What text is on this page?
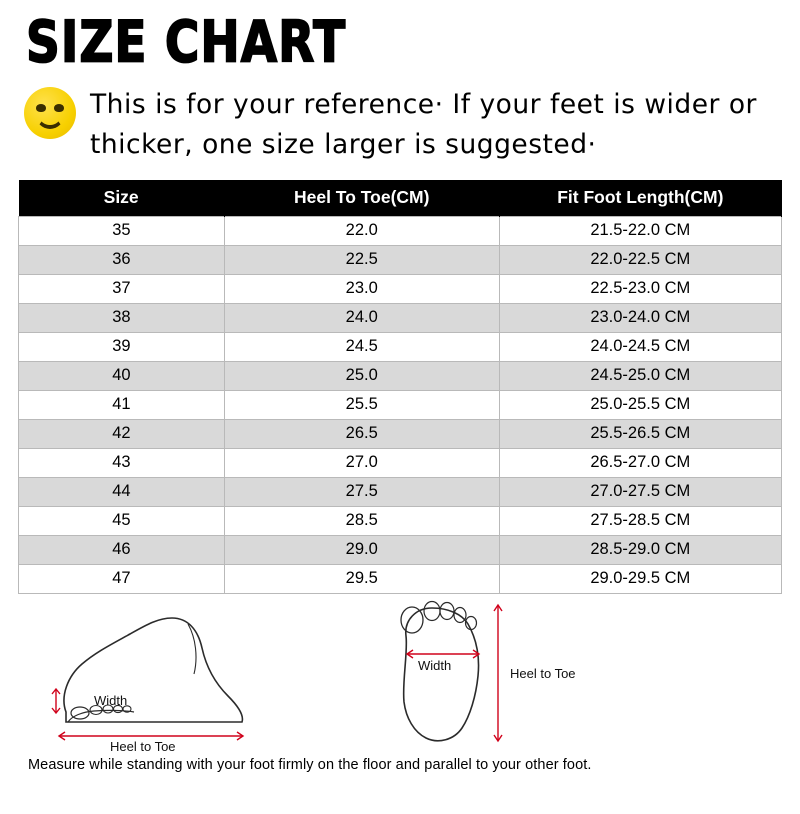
SIZE CHART
This is for your reference· If your feet is wider or thicker, one size larger is suggested·
Size	Heel To Toe(CM)	Fit Foot Length(CM)
35	22.0	21.5-22.0 CM
36	22.5	22.0-22.5 CM
37	23.0	22.5-23.0 CM
38	24.0	23.0-24.0 CM
39	24.5	24.0-24.5 CM
40	25.0	24.5-25.0 CM
41	25.5	25.0-25.5 CM
42	26.5	25.5-26.5 CM
43	27.0	26.5-27.0 CM
44	27.5	27.0-27.5 CM
45	28.5	27.5-28.5 CM
46	29.0	28.5-29.0 CM
47	29.5	29.0-29.5 CM
Width
Heel to Toe
Width
Heel to Toe
Measure while standing with your foot firmly on the floor and parallel to your other foot.
